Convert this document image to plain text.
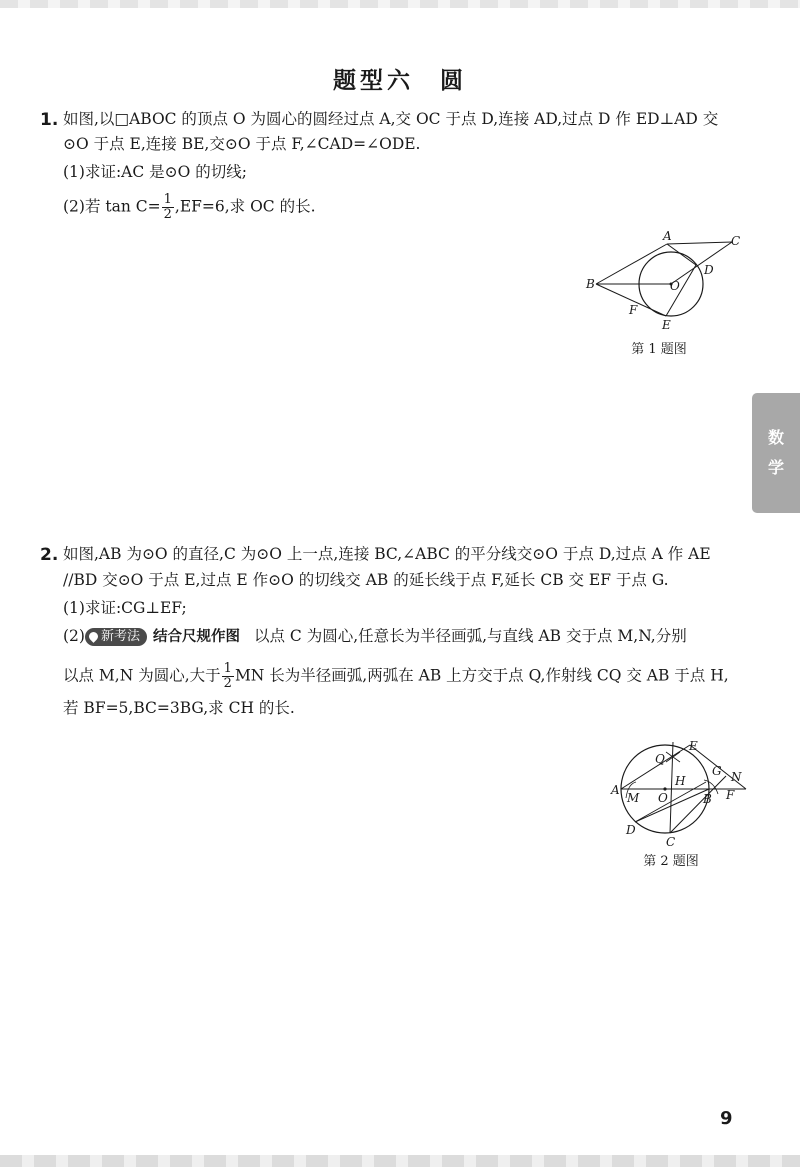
题型六 圆
1. 如图,以□ABOC 的顶点 O 为圆心的圆经过点 A,交 OC 于点 D,连接 AD,过点 D 作 ED⊥AD 交
⊙O 于点 E,连接 BE,交⊙O 于点 F,∠CAD=∠ODE.
(1)求证:AC 是⊙O 的切线;
(2)若 $\tan C= \frac{1}{2} ,EF=6$,求 OC 的长.
A	C
D
O
B
F
E
第 1 题图
数
学
2. 如图,AB 为⊙O 的直径,C 为⊙O 上一点,连接 BC,∠ABC 的平分线交⊙O 于点 D,过点 A 作 AE
//BD 交⊙O 于点 E,过点 E 作⊙O 的切线交 AB 的延长线于点 F,延长 CB 交 EF 于点 G.
(1)求证:CG⊥EF;
(2) 新考法 结合尺规作图 以点 C 为圆心,任意长为半径画弧,与直线 AB 交于点 M,N,分别
以点 M,N 为圆心,大于 $\frac{1}{2}$ MN 长为半径画弧,两弧在 AB 上方交于点 Q,作射线 CQ 交 AB 于点 H,
若 BF=5,BC=3BG,求 CH 的长.
A
M O
H
B F
N
G
E
Q
D
C
第 2 题图
9
